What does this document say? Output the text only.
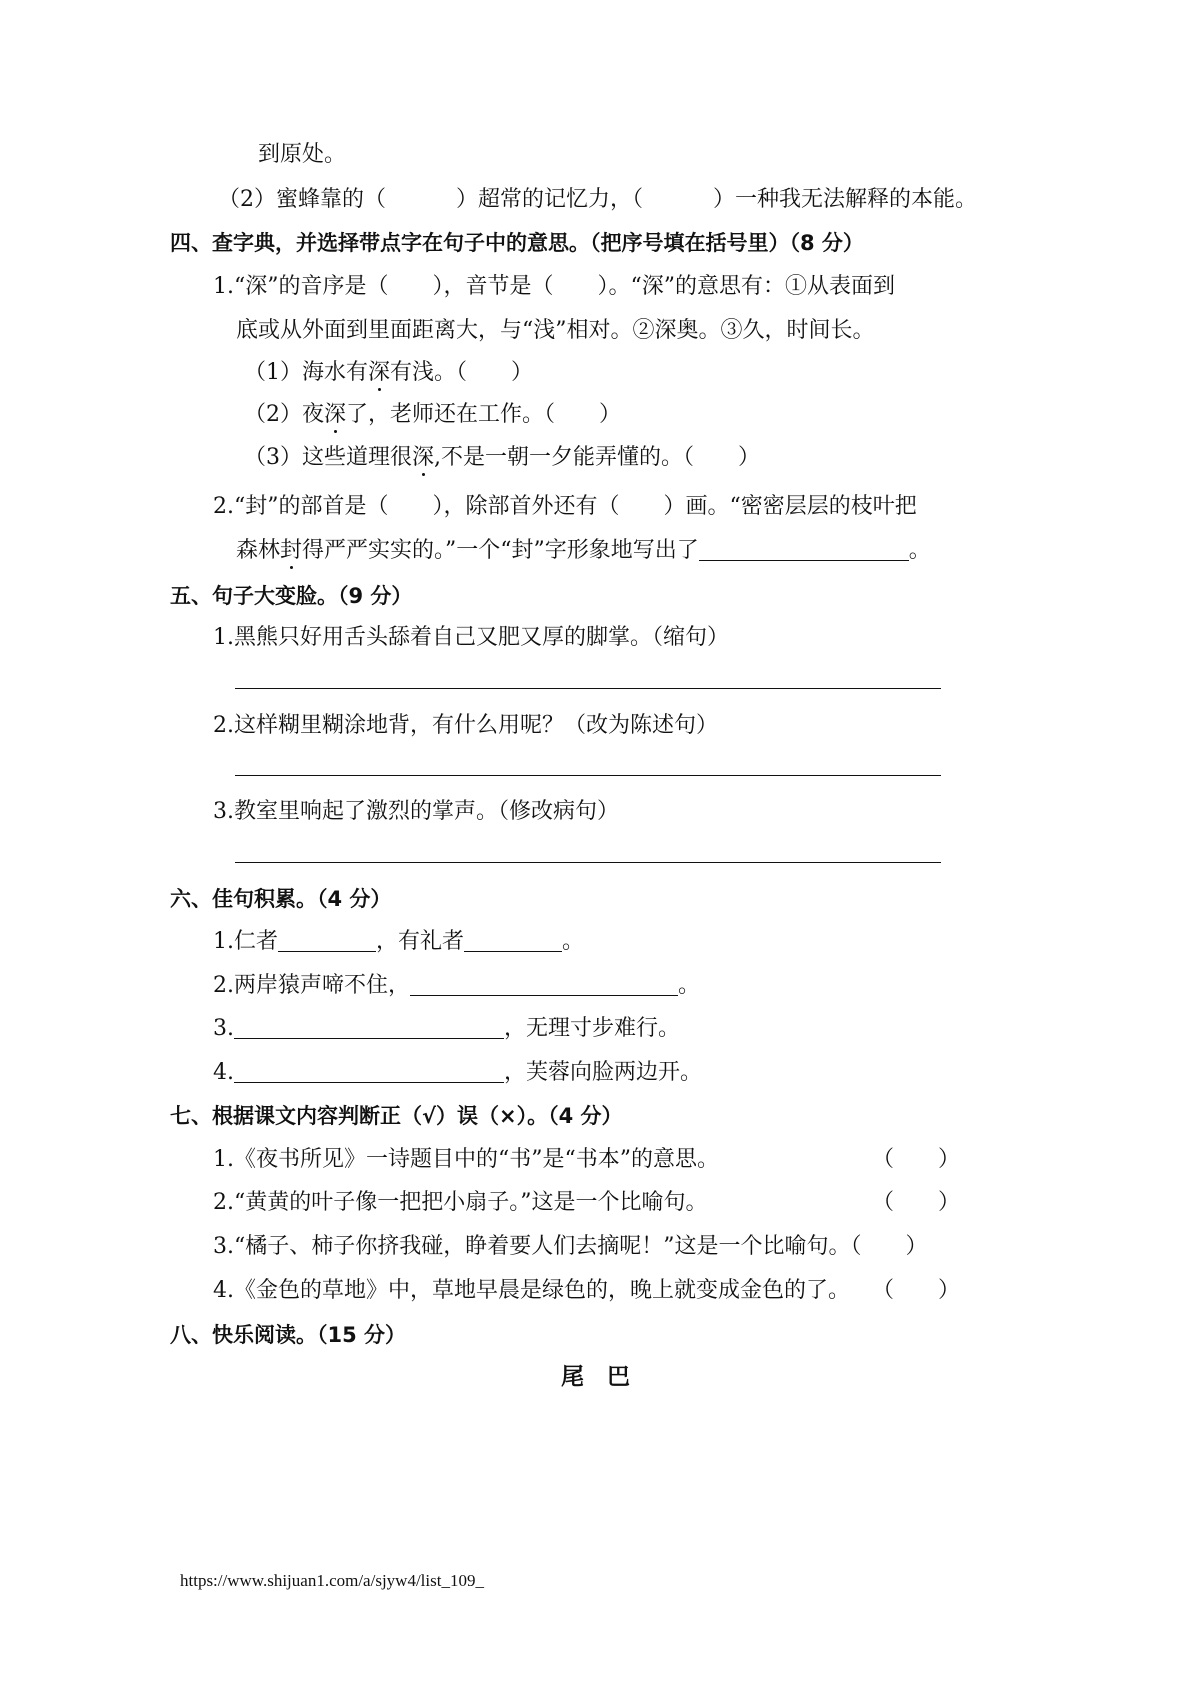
到原处。
（2）蜜蜂靠的（	）超常的记忆力，（	）一种我无法解释的本能。
四、查字典，并选择带点字在句子中的意思。（把序号填在括号里）（8 分）
1.“深”的音序是（　　），音节是（　　）。“深”的意思有：①从表面到
底或从外面到里面距离大，与“浅”相对。②深奥。③久，时间长。
（1）海水有深有浅。（　　）
（2）夜深了，老师还在工作。（　　）
（3）这些道理很深,不是一朝一夕能弄懂的。（　　）
2.“封”的部首是（　　），除部首外还有（　　）画。“密密层层的枝叶把
森林封得严严实实的。”一个“封”字形象地写出了	。
五、句子大变脸。（9 分）
1.黑熊只好用舌头舔着自己又肥又厚的脚掌。（缩句）
2.这样糊里糊涂地背，有什么用呢？（改为陈述句）
3.教室里响起了激烈的掌声。（修改病句）
六、佳句积累。（4 分）
1.仁者	，有礼者	。
2.两岸猿声啼不住，	。
3.	，无理寸步难行。
4.	，芙蓉向脸两边开。
七、根据课文内容判断正（√）误（×）。（4 分）
1.《夜书所见》一诗题目中的“书”是“书本”的意思。	（　　）
2.“黄黄的叶子像一把把小扇子。”这是一个比喻句。	（　　）
3.“橘子、柿子你挤我碰，睁着要人们去摘呢！”这是一个比喻句。（　　）
4.《金色的草地》中，草地早晨是绿色的，晚上就变成金色的了。 （　　）
八、快乐阅读。（15 分）
尾　巴
https://www.shijuan1.com/a/sjyw4/list_109_
